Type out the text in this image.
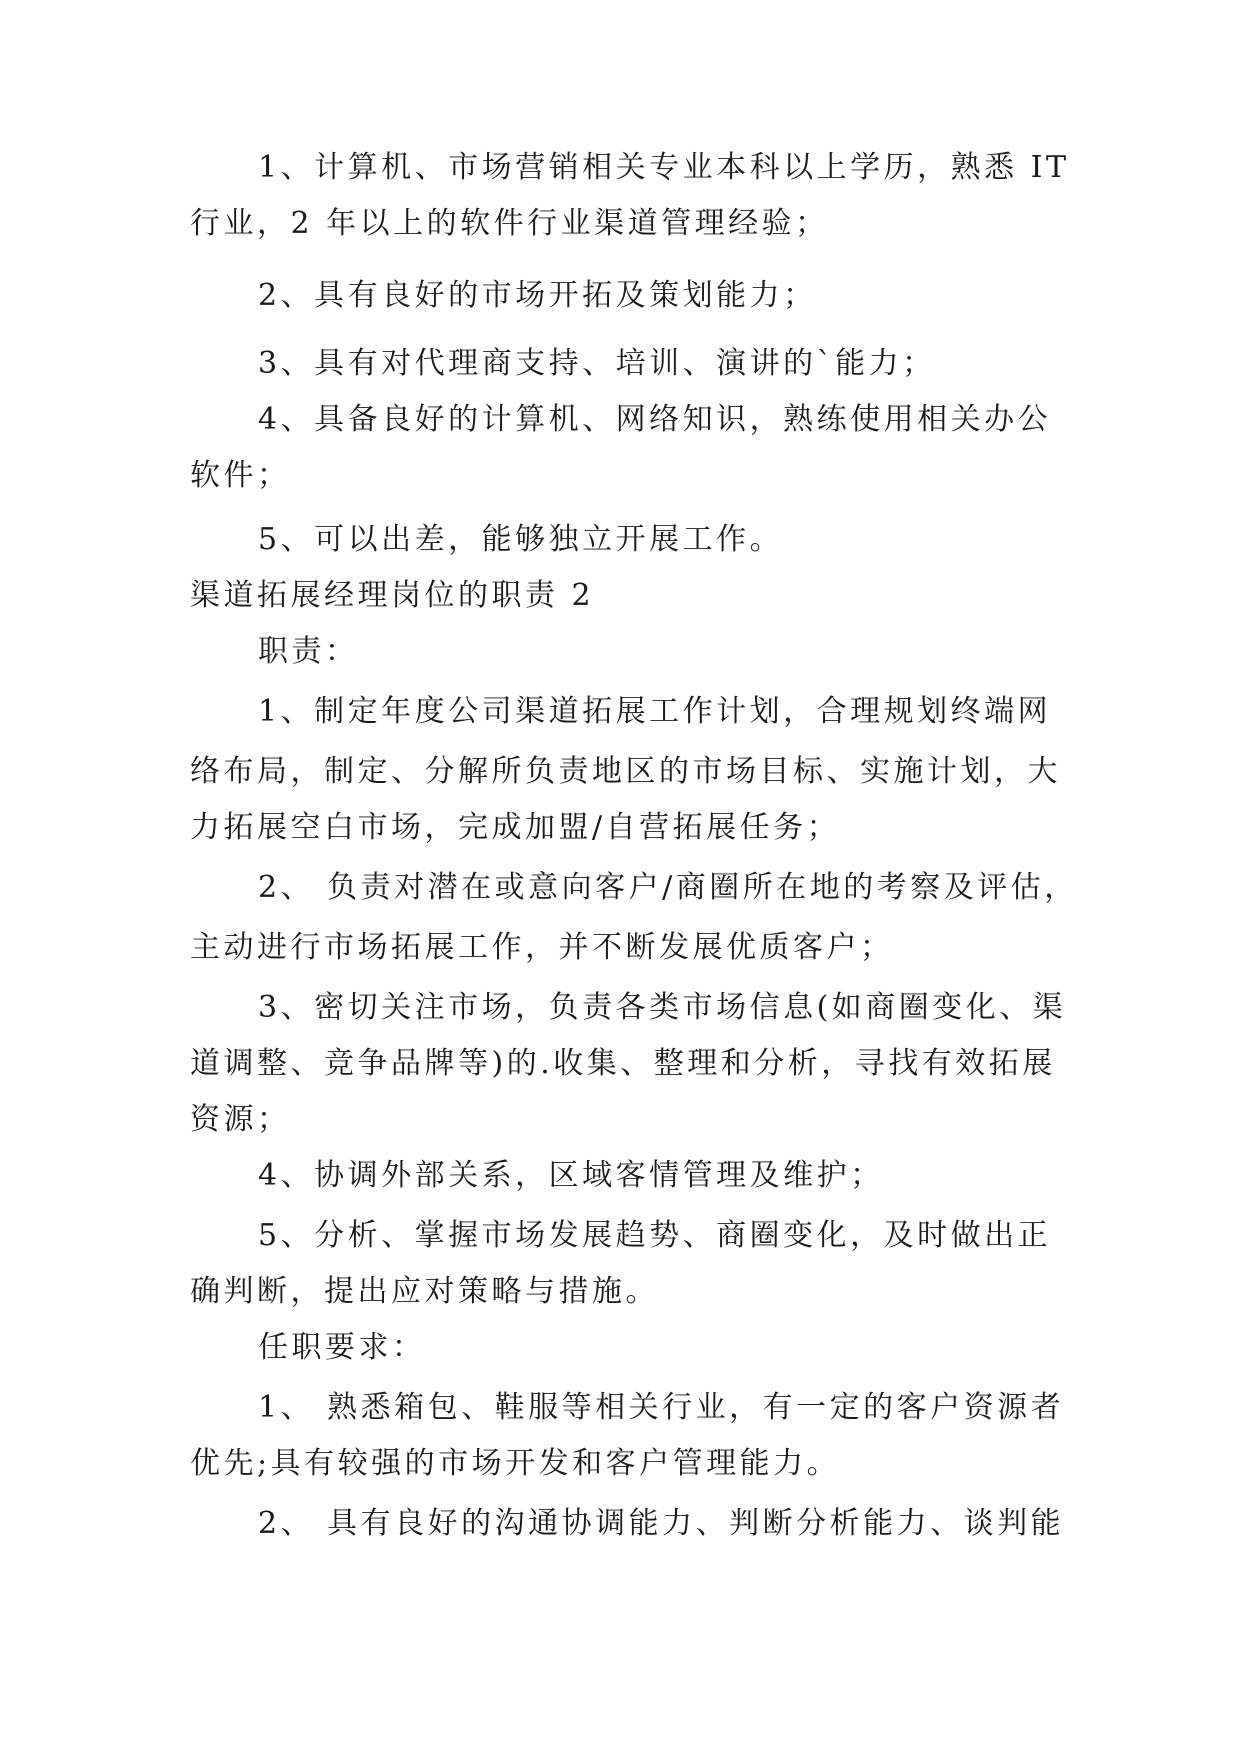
1、计算机、市场营销相关专业本科以上学历，熟悉 IT
行业，2 年以上的软件行业渠道管理经验；
2、具有良好的市场开拓及策划能力；
3、具有对代理商支持、培训、演讲的`能力；
4、具备良好的计算机、网络知识，熟练使用相关办公
软件；
5、可以出差，能够独立开展工作。
渠道拓展经理岗位的职责 2
职责：
1、制定年度公司渠道拓展工作计划，合理规划终端网
络布局，制定、分解所负责地区的市场目标、实施计划，大
力拓展空白市场，完成加盟/自营拓展任务；
2、 负责对潜在或意向客户/商圈所在地的考察及评估，
主动进行市场拓展工作，并不断发展优质客户；
3、密切关注市场，负责各类市场信息(如商圈变化、渠
道调整、竞争品牌等)的.收集、整理和分析，寻找有效拓展
资源；
4、协调外部关系，区域客情管理及维护；
5、分析、掌握市场发展趋势、商圈变化，及时做出正
确判断，提出应对策略与措施。
任职要求：
1、 熟悉箱包、鞋服等相关行业，有一定的客户资源者
优先;具有较强的市场开发和客户管理能力。
2、 具有良好的沟通协调能力、判断分析能力、谈判能
